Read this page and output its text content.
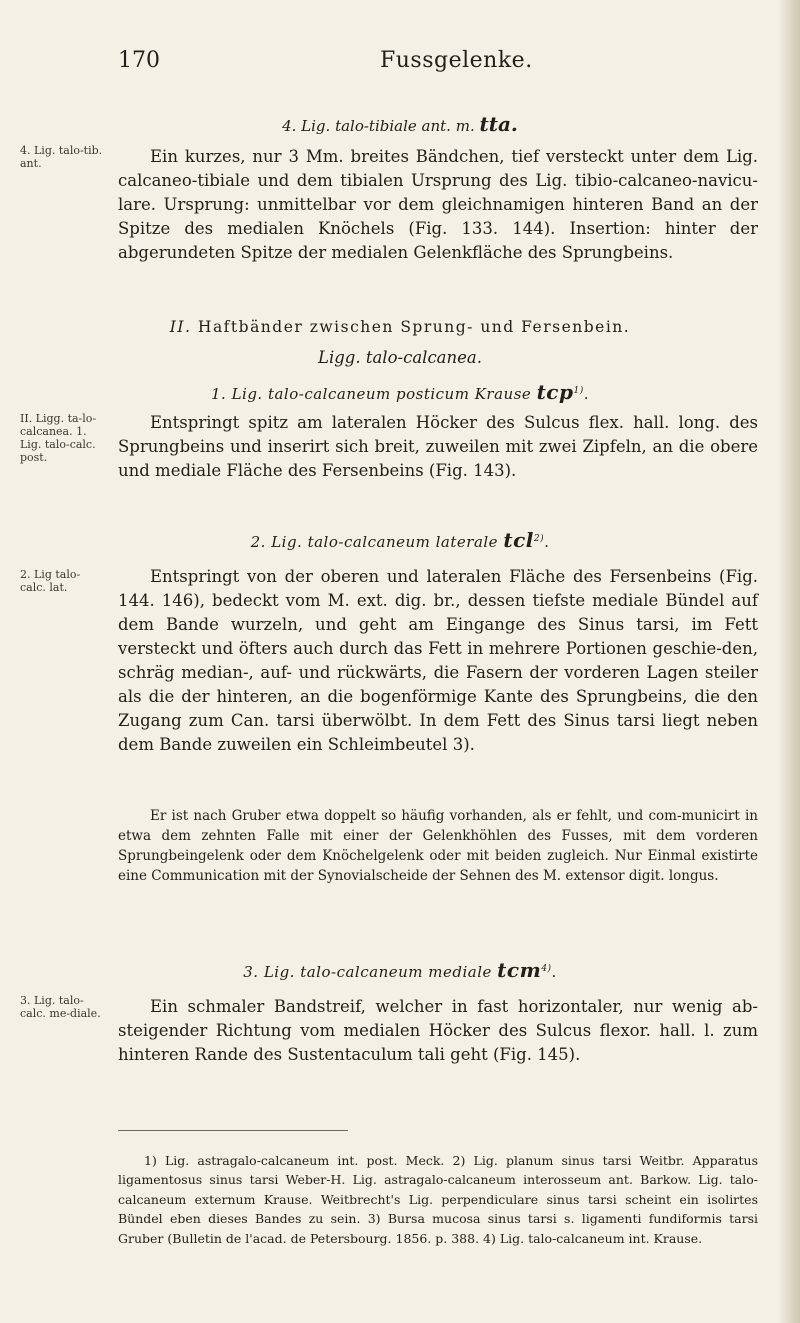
170	Fussgelenke.
4. Lig. talo-tibiale ant. m. tta.
4. Lig. talo-tib. ant.	Ein kurzes, nur 3 Mm. breites Bändchen, tief versteckt unter dem Lig. calcaneo-tibiale und dem tibialen Ursprung des Lig. tibio-calcaneo-navicu-lare. Ursprung: unmittelbar vor dem gleichnamigen hinteren Band an der Spitze des medialen Knöchels (Fig. 133. 144). Insertion: hinter der abgerundeten Spitze der medialen Gelenkfläche des Sprungbeins.

II. Haftbänder zwischen Sprung- und Fersenbein.
Ligg. talo-calcanea.
1. Lig. talo-calcaneum posticum Krause tcp$^{1)}$.
II. Ligg. ta-lo-calcanea. 1. Lig. talo-calc. post.

Entspringt spitz am lateralen Höcker des Sulcus flex. hall. long. des Sprungbeins und inserirt sich breit, zuweilen mit zwei Zipfeln, an die obere und mediale Fläche des Fersenbeins (Fig. 143).

2. Lig. talo-calcaneum laterale tcl$^{2)}$.
2. Lig talo-calc. lat.

Entspringt von der oberen und lateralen Fläche des Fersenbeins (Fig. 144. 146), bedeckt vom M. ext. dig. br., dessen tiefste mediale Bündel auf dem Bande wurzeln, und geht am Eingange des Sinus tarsi, im Fett versteckt und öfters auch durch das Fett in mehrere Portionen geschie-den, schräg median-, auf- und rückwärts, die Fasern der vorderen Lagen steiler als die der hinteren, an die bogenförmige Kante des Sprungbeins, die den Zugang zum Can. tarsi überwölbt. In dem Fett des Sinus tarsi liegt neben dem Bande zuweilen ein Schleimbeutel 3).

Er ist nach Gruber etwa doppelt so häufig vorhanden, als er fehlt, und com-municirt in etwa dem zehnten Falle mit einer der Gelenkhöhlen des Fusses, mit dem vorderen Sprungbeingelenk oder dem Knöchelgelenk oder mit beiden zugleich. Nur Einmal existirte eine Communication mit der Synovialscheide der Sehnen des M. extensor digit. longus.

3. Lig. talo-calcaneum mediale tcm$^{4)}$.
3. Lig. talo-calc. me-diale.	Ein schmaler Bandstreif, welcher in fast horizontaler, nur wenig ab-steigender Richtung vom medialen Höcker des Sulcus flexor. hall. l. zum hinteren Rande des Sustentaculum tali geht (Fig. 145).

1) Lig. astragalo-calcaneum int. post. Meck. 2) Lig. planum sinus tarsi Weitbr. Apparatus ligamentosus sinus tarsi Weber-H. Lig. astragalo-calcaneum interosseum ant. Barkow. Lig. talo-calcaneum externum Krause. Weitbrecht's Lig. perpendiculare sinus tarsi scheint ein isolirtes Bündel eben dieses Bandes zu sein. 3) Bursa mucosa sinus tarsi s. ligamenti fundiformis tarsi Gruber (Bulletin de l'acad. de Petersbourg. 1856. p. 388. 4) Lig. talo-calcaneum int. Krause.
